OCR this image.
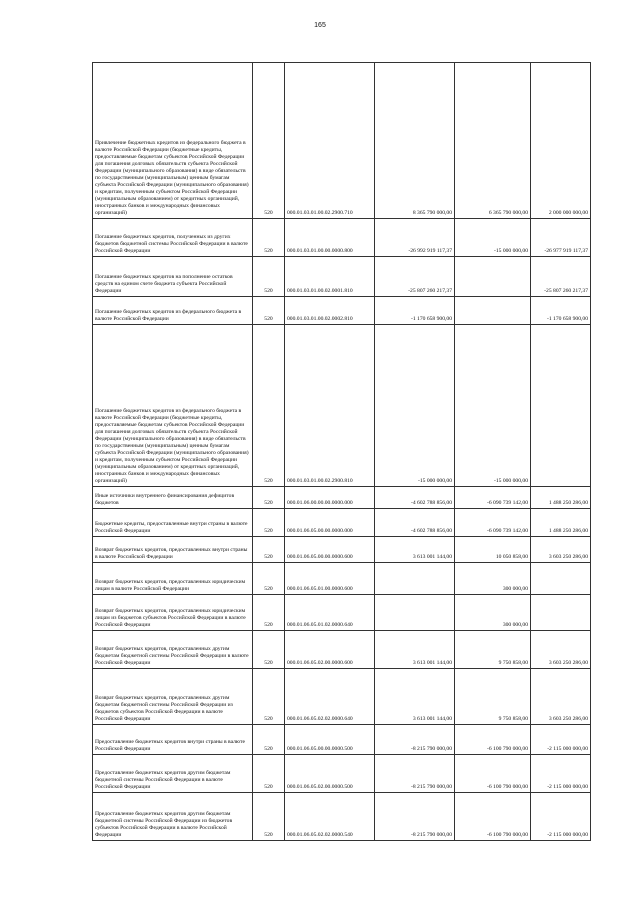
165
Привлечение бюджетных кредитов из федерального бюджета в валюте Российской Федерации (бюджетные кредиты, предоставляемые бюджетам субъектов Российской Федерации для погашения долговых обязательств субъекта Российской Федерации (муниципального образования) в виде обязательств по государственным (муниципальным) ценным бумагам субъекта Российской Федерации (муниципального образования) и кредитам, полученным субъектом Российской Федерации (муниципальным образованием) от кредитных организаций, иностранных банков и международных финансовых организаций)	520	000.01.03.01.00.02.2900.710	8 365 790 000,00	6 365 790 000,00	2 000 000 000,00
Погашение бюджетных кредитов, полученных из других бюджетов бюджетной системы Российской Федерации в валюте Российской Федерации	520	000.01.03.01.00.00.0000.800	-26 992 919 117,37	-15 000 000,00	-26 977 919 117,37
Погашение бюджетных кредитов на пополнение остатков средств на едином счете бюджета субъекта Российской Федерации	520	000.01.03.01.00.02.0001.810	-25 807 260 217,37		-25 807 260 217,37
Погашение бюджетных кредитов из федерального бюджета в валюте Российской Федерации	520	000.01.03.01.00.02.0002.810	-1 170 658 900,00		-1 170 658 900,00
Погашение бюджетных кредитов из федерального бюджета в валюте Российской Федерации (бюджетные кредиты, предоставляемые бюджетам субъектов Российской Федерации для погашения долговых обязательств субъекта Российской Федерации (муниципального образования) в виде обязательств по государственным (муниципальным) ценным бумагам субъекта Российской Федерации (муниципального образования) и кредитам, полученным субъектом Российской Федерации (муниципальным образованием) от кредитных организаций, иностранных банков и международных финансовых организаций)	520	000.01.03.01.00.02.2900.810	-15 000 000,00	-15 000 000,00	
Иные источники внутреннего финансирования дефицитов бюджетов	520	000.01.06.00.00.00.0000.000	-4 602 788 856,00	-6 090 739 142,00	1 488 250 286,00
Бюджетные кредиты, предоставленные внутри страны в валюте Российской Федерации	520	000.01.06.05.00.00.0000.000	-4 602 788 856,00	-6 090 739 142,00	1 488 250 286,00
Возврат бюджетных кредитов, предоставленных внутри страны в валюте Российской Федерации	520	000.01.06.05.00.00.0000.600	3 613 001 144,00	10 050 858,00	3 603 250 286,00
Возврат бюджетных кредитов, предоставленных юридическим лицам в валюте Российской Федерации	520	000.01.06.05.01.00.0000.600		300 000,00	
Возврат бюджетных кредитов, предоставленных юридическим лицам из бюджетов субъектов Российской Федерации в валюте Российской Федерации	520	000.01.06.05.01.02.0000.640		300 000,00	
Возврат бюджетных кредитов, предоставленных другим бюджетам бюджетной системы Российской Федерации в валюте Российской Федерации	520	000.01.06.05.02.00.0000.600	3 613 001 144,00	9 750 858,00	3 603 250 286,00
Возврат бюджетных кредитов, предоставленных другим бюджетам бюджетной системы Российской Федерации из бюджетов субъектов Российской Федерации в валюте Российской Федерации	520	000.01.06.05.02.02.0000.640	3 613 001 144,00	9 750 858,00	3 603 250 286,00
Предоставление бюджетных кредитов внутри страны в валюте Российской Федерации	520	000.01.06.05.00.00.0000.500	-8 215 790 000,00	-6 100 790 000,00	-2 115 000 000,00
Предоставление бюджетных кредитов другим бюджетам бюджетной системы Российской Федерации в валюте Российской Федерации	520	000.01.06.05.02.00.0000.500	-8 215 790 000,00	-6 100 790 000,00	-2 115 000 000,00
Предоставление бюджетных кредитов другим бюджетам бюджетной системы Российской Федерации из бюджетов субъектов Российской Федерации в валюте Российской Федерации	520	000.01.06.05.02.02.0000.540	-8 215 790 000,00	-6 100 790 000,00	-2 115 000 000,00
